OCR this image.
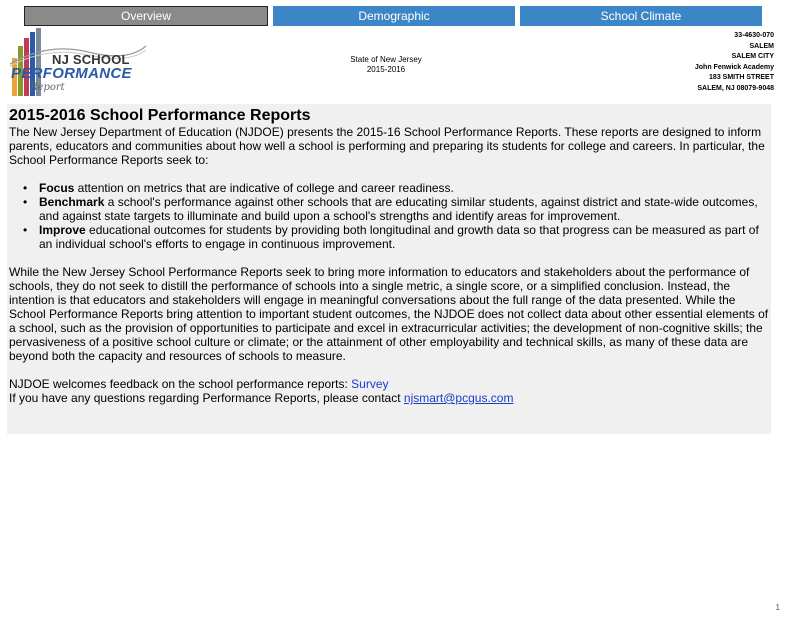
Overview	Demographic	School Climate
NJ SCHOOL
PERFORMANCE
Report
State of New Jersey
2015-2016
33-4630-070
SALEM
SALEM CITY
John Fenwick Academy
183 SMITH STREET
SALEM, NJ 08079-9048
2015-2016 School Performance Reports

The New Jersey Department of Education (NJDOE) presents the 2015-16 School Performance Reports. These reports are designed to inform parents, educators and communities about how well a school is performing and preparing its students for college and careers. In particular, the School Performance Reports seek to:

• Focus attention on metrics that are indicative of college and career readiness.
• Benchmark a school's performance against other schools that are educating similar students, against district and state-wide outcomes, and against state targets to illuminate and build upon a school's strengths and identify areas for improvement.
• Improve educational outcomes for students by providing both longitudinal and growth data so that progress can be measured as part of an individual school's efforts to engage in continuous improvement.

While the New Jersey School Performance Reports seek to bring more information to educators and stakeholders about the performance of schools, they do not seek to distill the performance of schools into a single metric, a single score, or a simplified conclusion. Instead, the intention is that educators and stakeholders will engage in meaningful conversations about the full range of the data presented. While the School Performance Reports bring attention to important student outcomes, the NJDOE does not collect data about other essential elements of a school, such as the provision of opportunities to participate and excel in extracurricular activities; the development of non-cognitive skills; the pervasiveness of a positive school culture or climate; or the attainment of other employability and technical skills, as many of these data are beyond both the capacity and resources of schools to measure.

NJDOE welcomes feedback on the school performance reports: Survey

If you have any questions regarding Performance Reports, please contact njsmart@pcgus.com

1
